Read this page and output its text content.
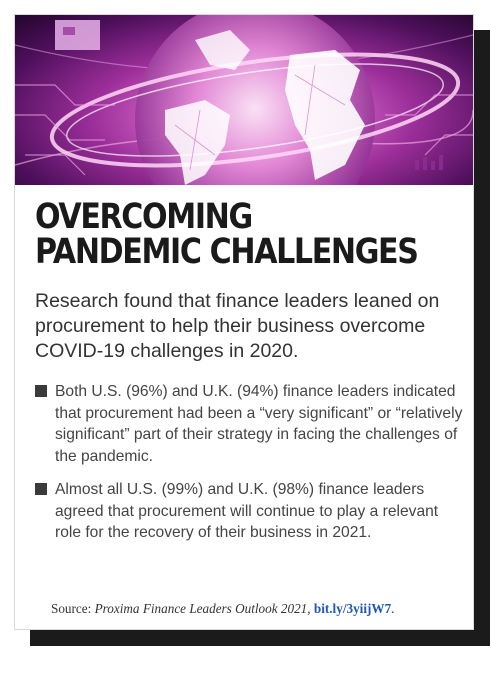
OVERCOMING
PANDEMIC CHALLENGES

Research found that finance leaders leaned on procurement to help their business overcome COVID-19 challenges in 2020.

Both U.S. (96%) and U.K. (94%) finance leaders indicated that procurement had been a “very significant” or “relatively significant” part of their strategy in facing the challenges of the pandemic.
Almost all U.S. (99%) and U.K. (98%) finance leaders agreed that procurement will continue to play a relevant role for the recovery of their business in 2021.
Source: Proxima Finance Leaders Outlook 2021, bit.ly/3yiijW7.
